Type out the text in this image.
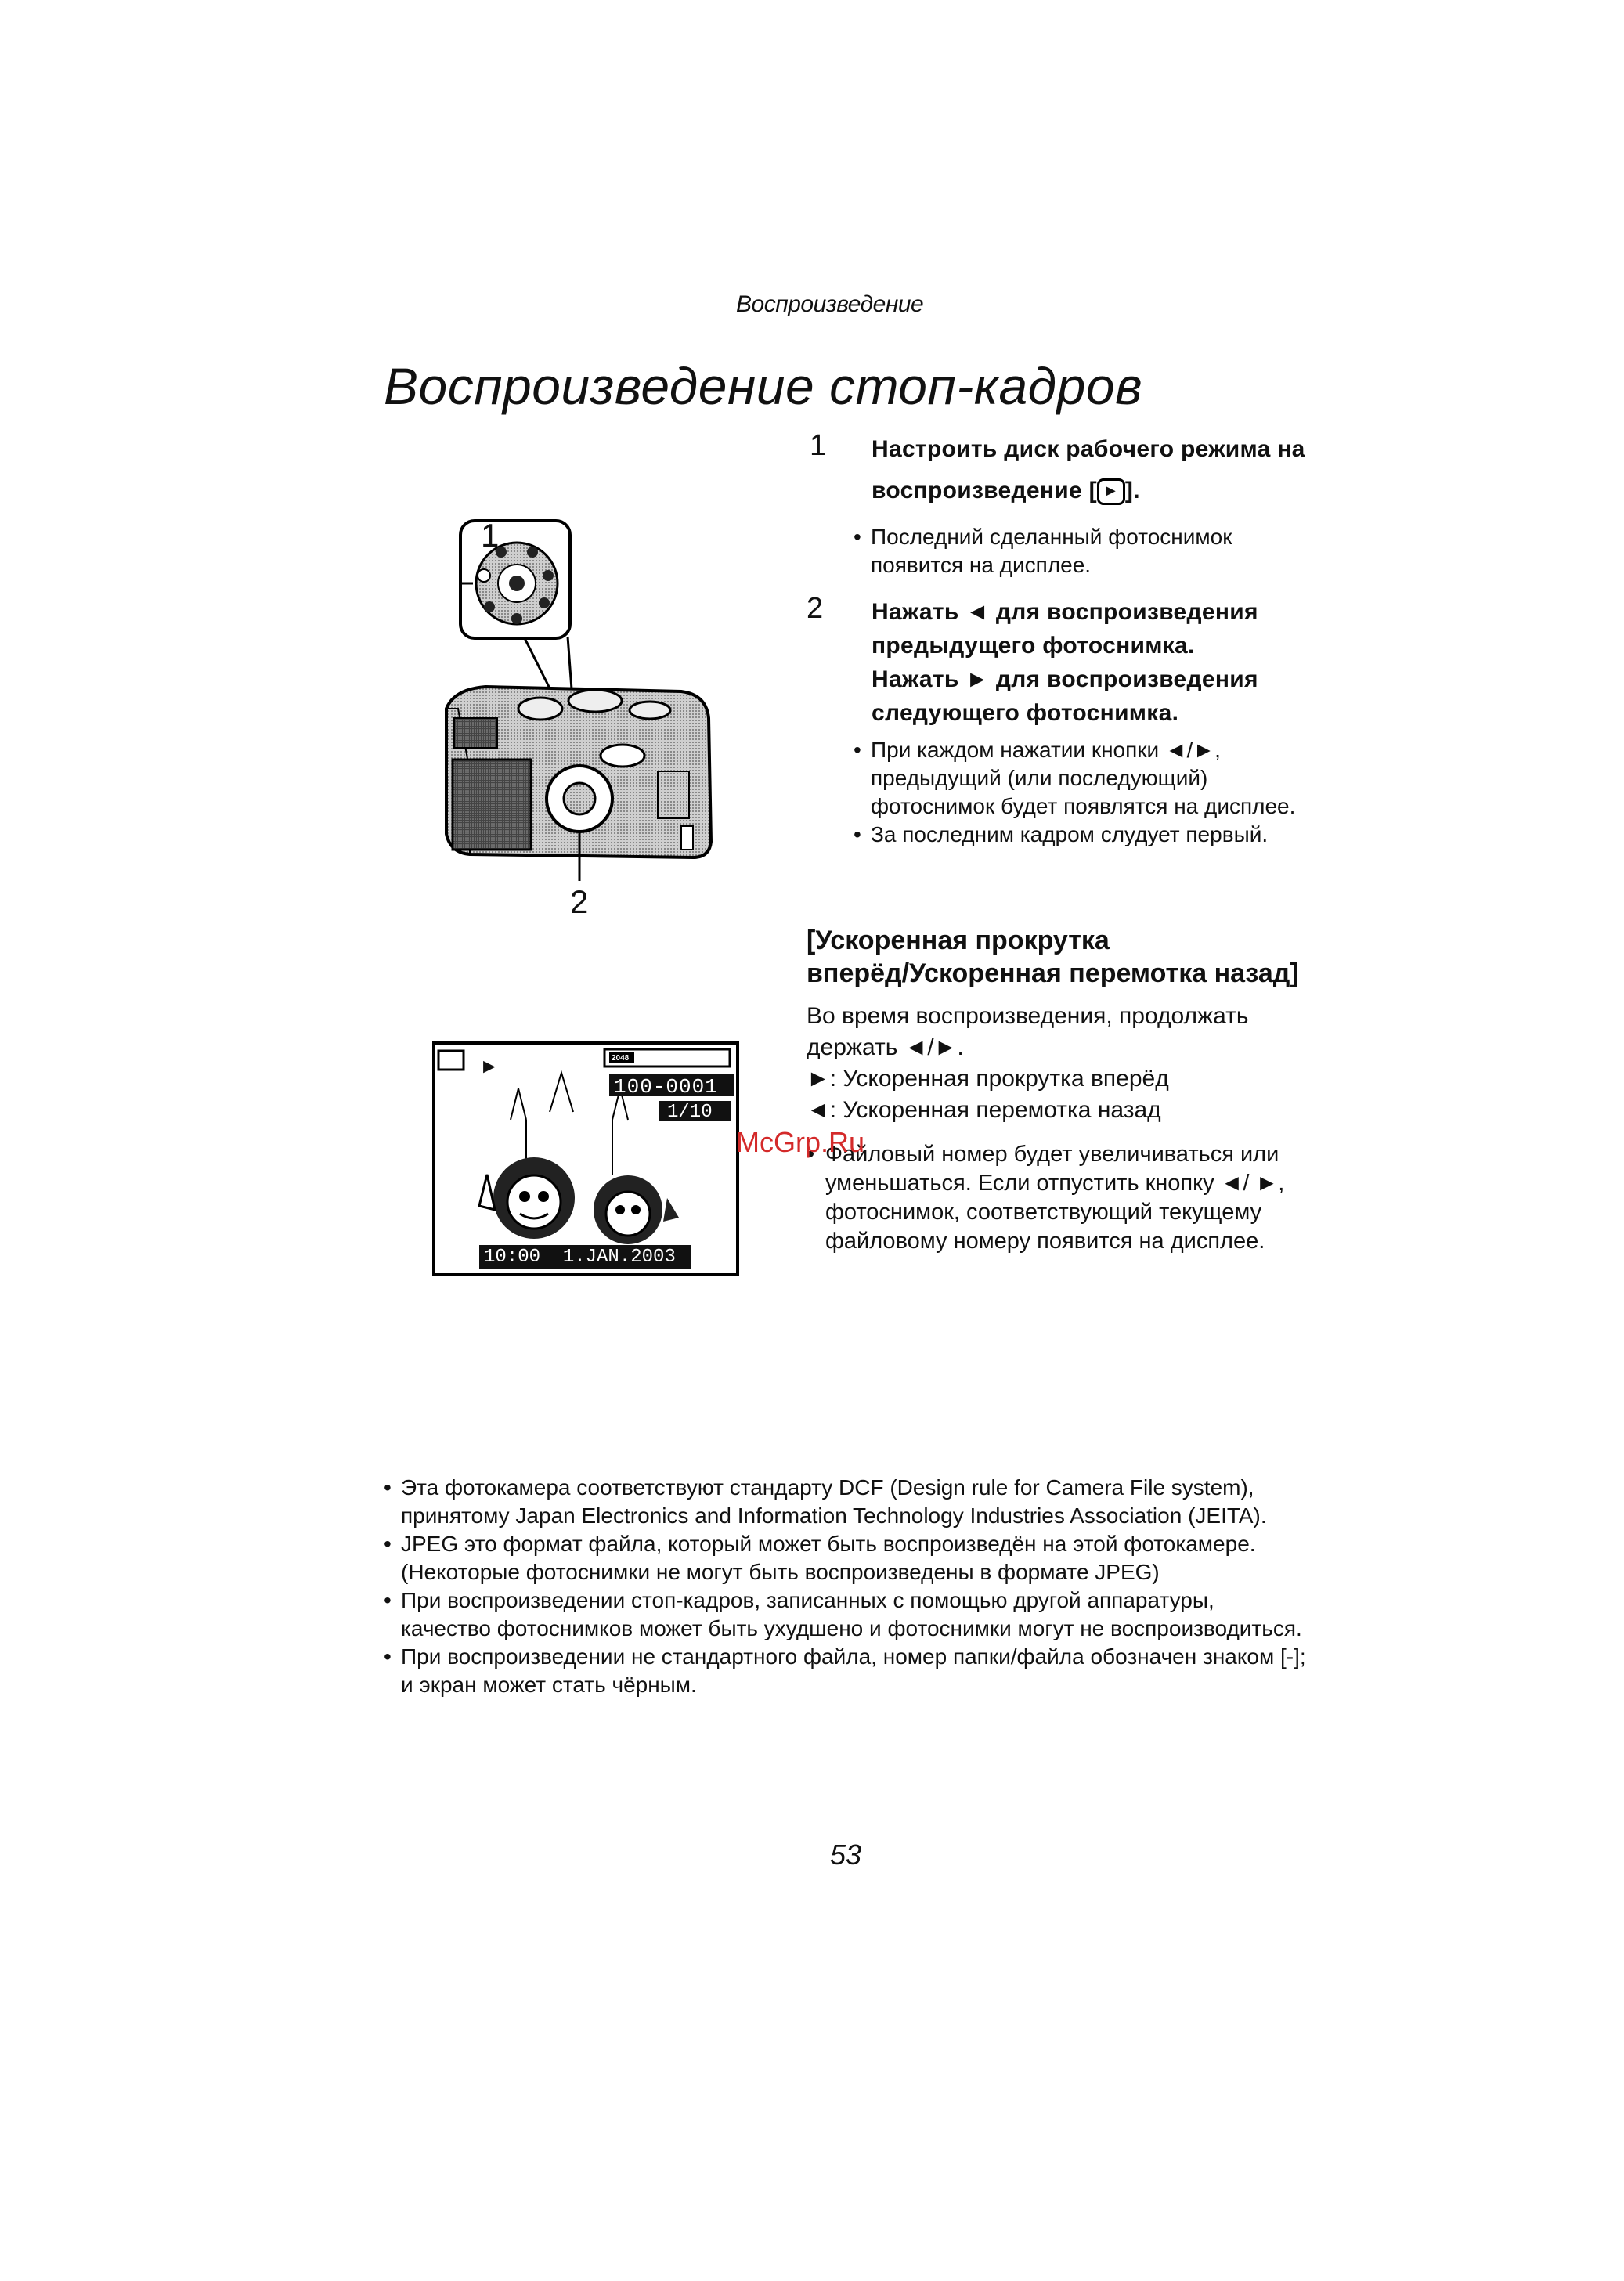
Воспроизведение
Воспроизведение стоп-кадров
1
2
►	2048
100-0001
1/10
10:00  1.JAN.2003
1 Настроить диск рабочего режима на
воспроизведение [ ► ].
• Последний сделанный фотоснимок появится на дисплее.
2 Нажать ◄ для воспроизведения
предыдущего фотоснимка.
Нажать ► для воспроизведения
следующего фотоснимка.
• При каждом нажатии кнопки ◄/►, предыдущий (или последующий) фотоснимок будет появлятся на дисплее.
• За последним кадром слудует первый.
[Ускоренная прокрутка
вперёд/Ускоренная перемотка назад]
Во время воспроизведения, продолжать держать ◄/►.
►: Ускоренная прокрутка вперёд
◄: Ускоренная перемотка назад
• Файловый номер будет увеличиваться или уменьшаться. Если отпустить кнопку ◄/ ►, фотоснимок, соответствующий текущему файловому номеру появится на дисплее.
McGrp.Ru
• Эта фотокамера соответствуют стандарту DCF (Design rule for Camera File system), принятому Japan Electronics and Information Technology Industries Association (JEITA).
• JPEG это формат файла, который может быть воспроизведён на этой фотокамере. (Некоторые фотоснимки не могут быть воспроизведены в формате JPEG)
• При воспроизведении стоп-кадров, записанных с помощью другой аппаратуры, качество фотоснимков может быть ухудшено и фотоснимки могут не воспроизводиться.
• При воспроизведении не стандартного файла, номер папки/файла обозначен знаком [-]; и экран может стать чёрным.
53
